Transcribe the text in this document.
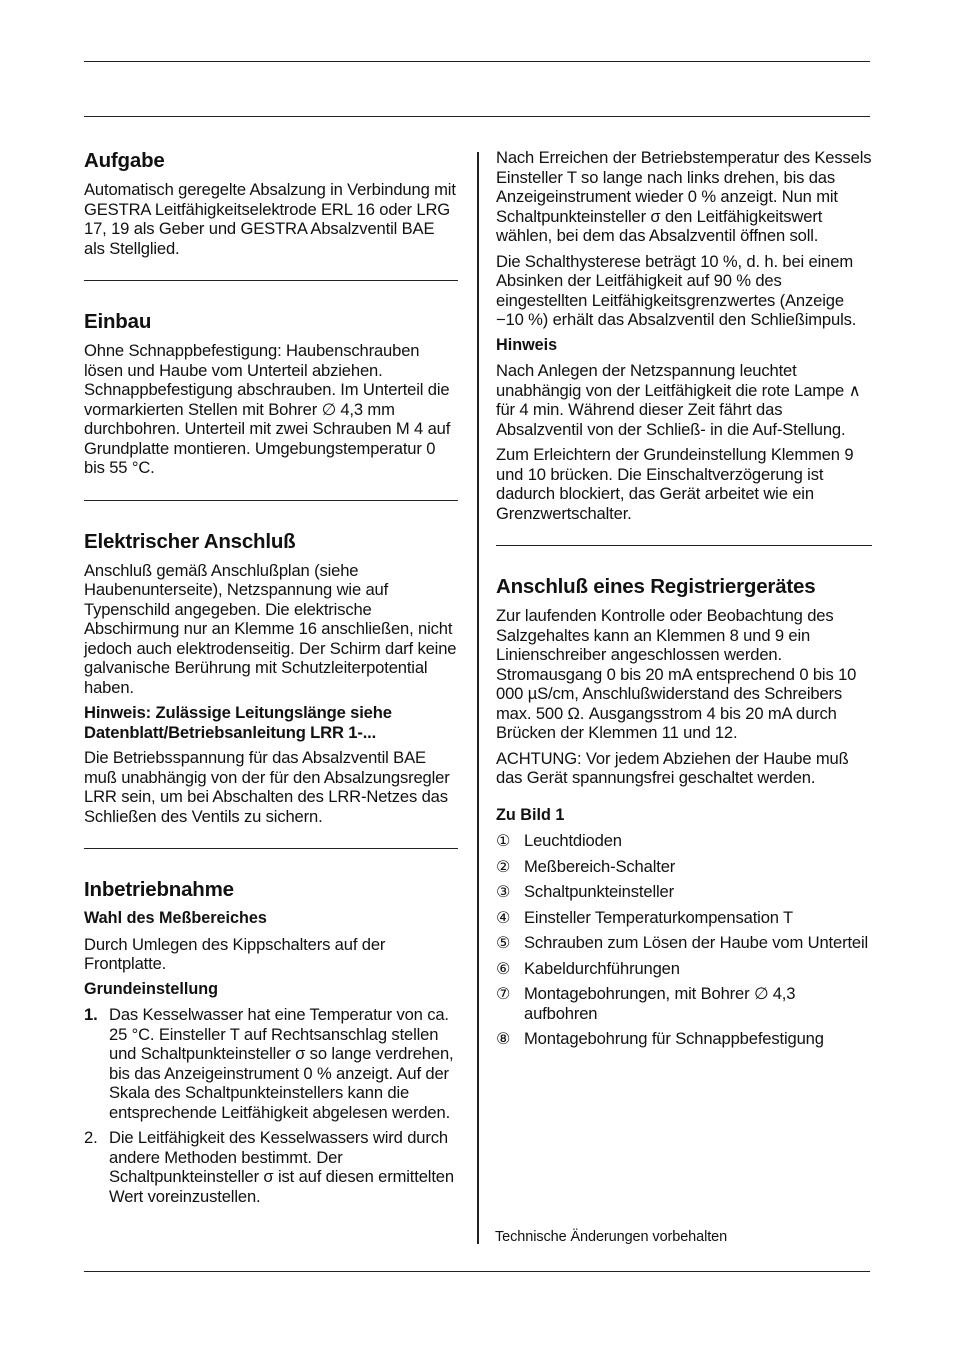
Aufgabe

Automatisch geregelte Absalzung in Verbindung mit GESTRA Leitfähigkeitselektrode ERL 16 oder LRG 17, 19 als Geber und GESTRA Absalzventil BAE als Stellglied.

Einbau

Ohne Schnappbefestigung: Haubenschrauben lösen und Haube vom Unterteil abziehen. Schnappbefestigung abschrauben. Im Unterteil die vormarkierten Stellen mit Bohrer ∅ 4,3 mm durchbohren. Unterteil mit zwei Schrauben M 4 auf Grundplatte montieren. Umgebungstemperatur 0 bis 55 °C.

Elektrischer Anschluß

Anschluß gemäß Anschlußplan (siehe Haubenunterseite), Netzspannung wie auf Typenschild angegeben. Die elektrische Abschirmung nur an Klemme 16 anschließen, nicht jedoch auch elektrodenseitig. Der Schirm darf keine galvanische Berührung mit Schutzleiterpotential haben.

Hinweis: Zulässige Leitungslänge siehe Datenblatt/Betriebsanleitung LRR 1-...

Die Betriebsspannung für das Absalzventil BAE muß unabhängig von der für den Absalzungsregler LRR sein, um bei Abschalten des LRR-Netzes das Schließen des Ventils zu sichern.

Inbetriebnahme
Wahl des Meßbereiches

Durch Umlegen des Kippschalters auf der Frontplatte.

Grundeinstellung
1. Das Kesselwasser hat eine Temperatur von ca. 25 °C. Einsteller T auf Rechtsanschlag stellen und Schaltpunkteinsteller σ so lange verdrehen, bis das Anzeigeinstrument 0 % anzeigt. Auf der Skala des Schaltpunkteinstellers kann die entsprechende Leitfähigkeit abgelesen werden.
2. Die Leitfähigkeit des Kesselwassers wird durch andere Methoden bestimmt. Der Schaltpunkteinsteller σ ist auf diesen ermittelten Wert voreinzustellen.

Nach Erreichen der Betriebstemperatur des Kessels Einsteller T so lange nach links drehen, bis das Anzeigeinstrument wieder 0 % anzeigt. Nun mit Schaltpunkteinsteller σ den Leitfähigkeitswert wählen, bei dem das Absalzventil öffnen soll.

Die Schalthysterese beträgt 10 %, d. h. bei einem Absinken der Leitfähigkeit auf 90 % des eingestellten Leitfähigkeitsgrenzwertes (Anzeige −10 %) erhält das Absalzventil den Schließimpuls.

Hinweis

Nach Anlegen der Netzspannung leuchtet unabhängig von der Leitfähigkeit die rote Lampe ∧ für 4 min. Während dieser Zeit fährt das Absalzventil von der Schließ- in die Auf-Stellung.

Zum Erleichtern der Grundeinstellung Klemmen 9 und 10 brücken. Die Einschaltverzögerung ist dadurch blockiert, das Gerät arbeitet wie ein Grenzwertschalter.

Anschluß eines Registriergerätes

Zur laufenden Kontrolle oder Beobachtung des Salzgehaltes kann an Klemmen 8 und 9 ein Linienschreiber angeschlossen werden. Stromausgang 0 bis 20 mA entsprechend 0 bis 10 000 µS/cm, Anschlußwiderstand des Schreibers max. 500 Ω. Ausgangsstrom 4 bis 20 mA durch Brücken der Klemmen 11 und 12.

ACHTUNG: Vor jedem Abziehen der Haube muß das Gerät spannungsfrei geschaltet werden.

Zu Bild 1
① Leuchtdioden
② Meßbereich-Schalter
③ Schaltpunkteinsteller
④ Einsteller Temperaturkompensation T
⑤ Schrauben zum Lösen der Haube vom Unterteil
⑥ Kabeldurchführungen
⑦ Montagebohrungen, mit Bohrer ∅ 4,3 aufbohren
⑧ Montagebohrung für Schnappbefestigung
Technische Änderungen vorbehalten
